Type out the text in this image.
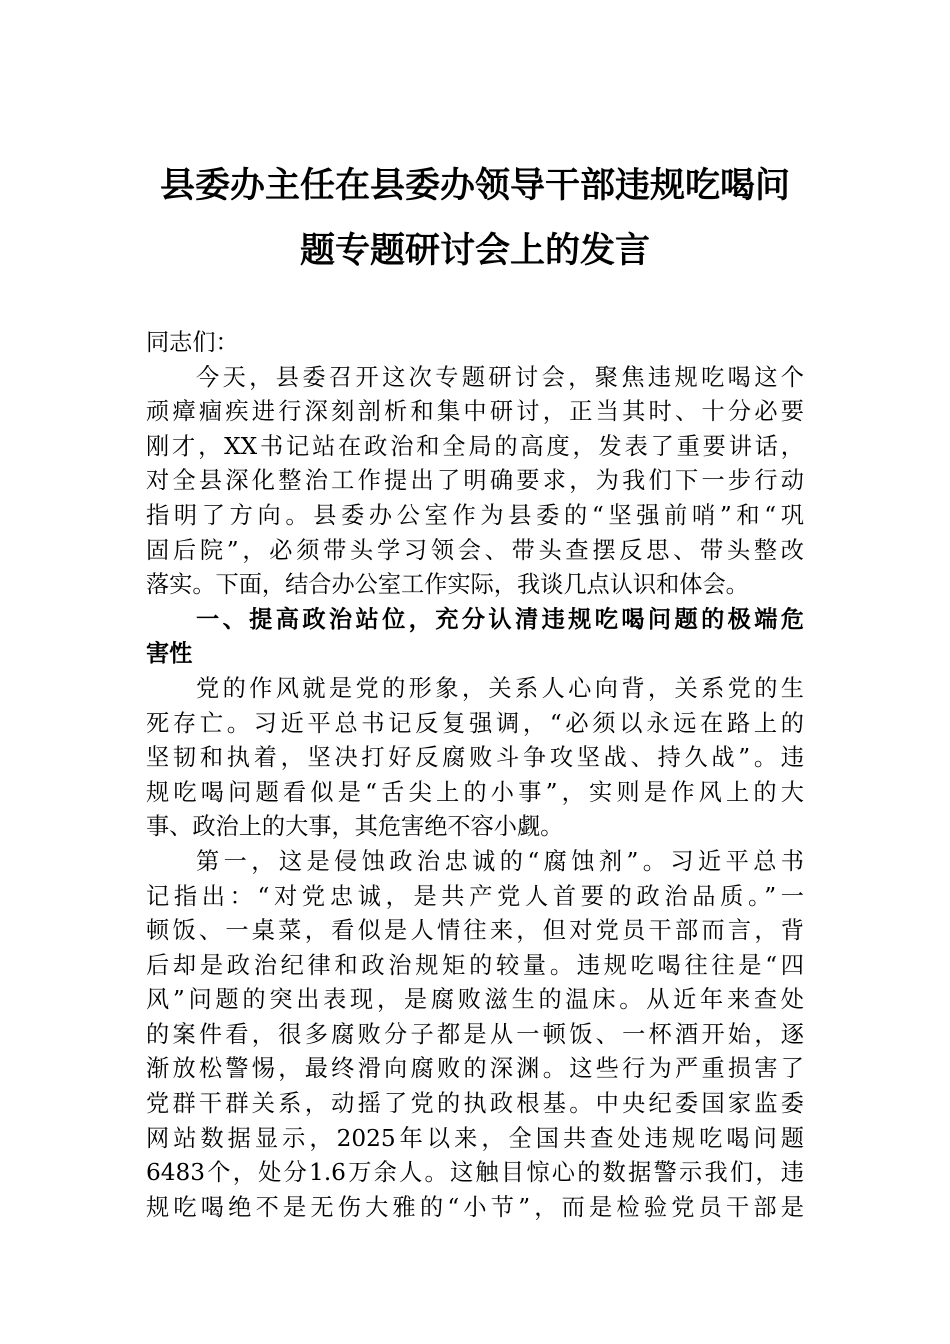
县委办主任在县委办领导干部违规吃喝问
题专题研讨会上的发言
同志们：
今天，县委召开这次专题研讨会，聚焦违规吃喝这个
顽瘴痼疾进行深刻剖析和集中研讨，正当其时、十分必要
刚才，XX书记站在政治和全局的高度，发表了重要讲话，
对全县深化整治工作提出了明确要求，为我们下一步行动
指明了方向。县委办公室作为县委的“坚强前哨”和“巩
固后院”，必须带头学习领会、带头查摆反思、带头整改
落实。下面，结合办公室工作实际，我谈几点认识和体会。
一、提高政治站位，充分认清违规吃喝问题的极端危
害性
党的作风就是党的形象，关系人心向背，关系党的生
死存亡。习近平总书记反复强调，“必须以永远在路上的
坚韧和执着，坚决打好反腐败斗争攻坚战、持久战”。违
规吃喝问题看似是“舌尖上的小事”，实则是作风上的大
事、政治上的大事，其危害绝不容小觑。
第一，这是侵蚀政治忠诚的“腐蚀剂”。习近平总书
记指出：“对党忠诚，是共产党人首要的政治品质。”一
顿饭、一桌菜，看似是人情往来，但对党员干部而言，背
后却是政治纪律和政治规矩的较量。违规吃喝往往是“四
风”问题的突出表现，是腐败滋生的温床。从近年来查处
的案件看，很多腐败分子都是从一顿饭、一杯酒开始，逐
渐放松警惕，最终滑向腐败的深渊。这些行为严重损害了
党群干群关系，动摇了党的执政根基。中央纪委国家监委
网站数据显示，2025年以来，全国共查处违规吃喝问题
6483个，处分1.6万余人。这触目惊心的数据警示我们，违
规吃喝绝不是无伤大雅的“小节”，而是检验党员干部是
